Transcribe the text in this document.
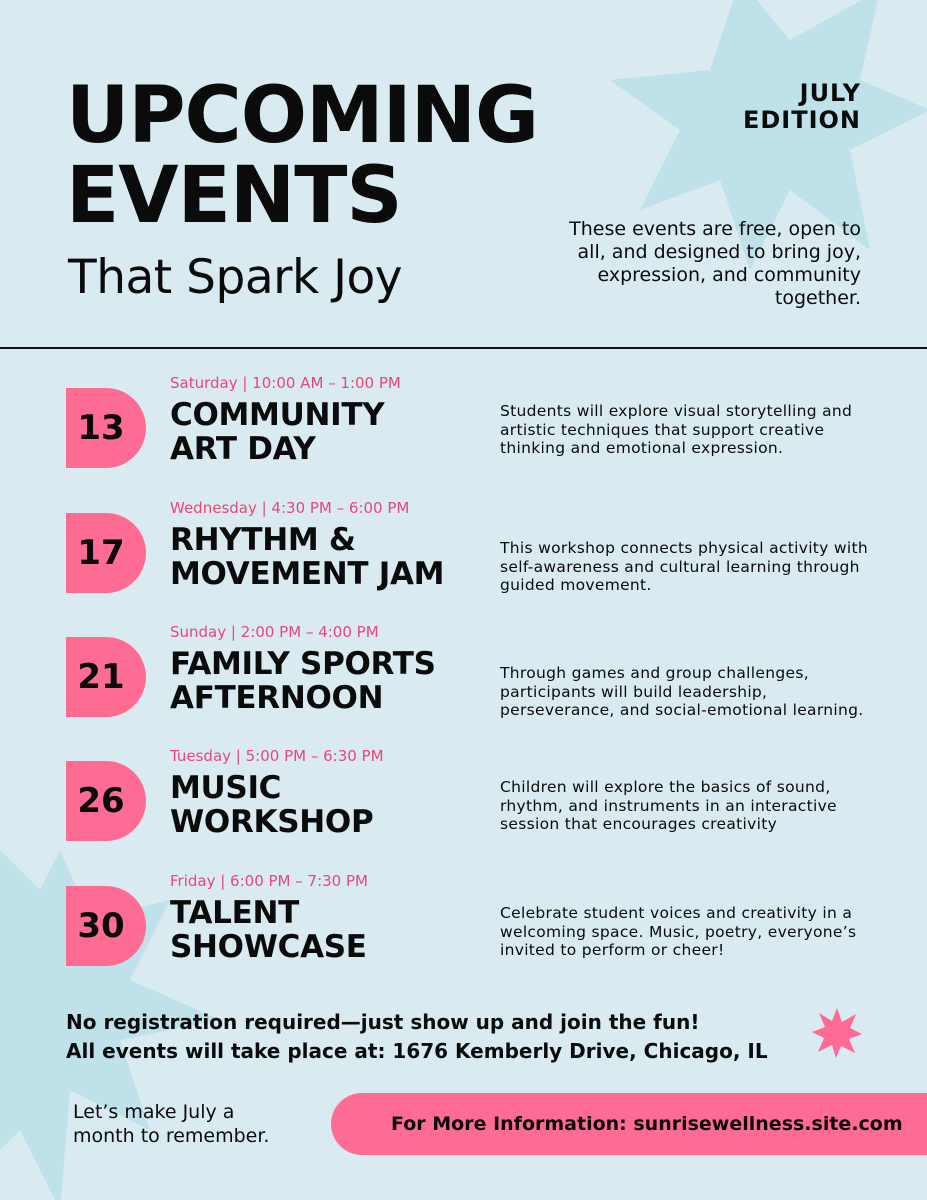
UPCOMING
EVENTS
That Spark Joy
JULY
EDITION
These events are free, open to all, and designed to bring joy, expression, and community together.
13
Saturday | 10:00 AM – 1:00 PM
COMMUNITY
ART DAY
Students will explore visual storytelling and artistic techniques that support creative thinking and emotional expression.
17
Wednesday | 4:30 PM – 6:00 PM
RHYTHM &
MOVEMENT JAM
This workshop connects physical activity with self-awareness and cultural learning through guided movement.
21
Sunday | 2:00 PM – 4:00 PM
FAMILY SPORTS
AFTERNOON
Through games and group challenges, participants will build leadership, perseverance, and social-emotional learning.
26
Tuesday | 5:00 PM – 6:30 PM
MUSIC
WORKSHOP
Children will explore the basics of sound, rhythm, and instruments in an interactive session that encourages creativity
30
Friday | 6:00 PM – 7:30 PM
TALENT
SHOWCASE
Celebrate student voices and creativity in a welcoming space. Music, poetry, everyone’s invited to perform or cheer!
No registration required—just show up and join the fun!
All events will take place at: 1676 Kemberly Drive, Chicago, IL
Let’s make July a
month to remember.
For More Information: sunrisewellness.site.com
